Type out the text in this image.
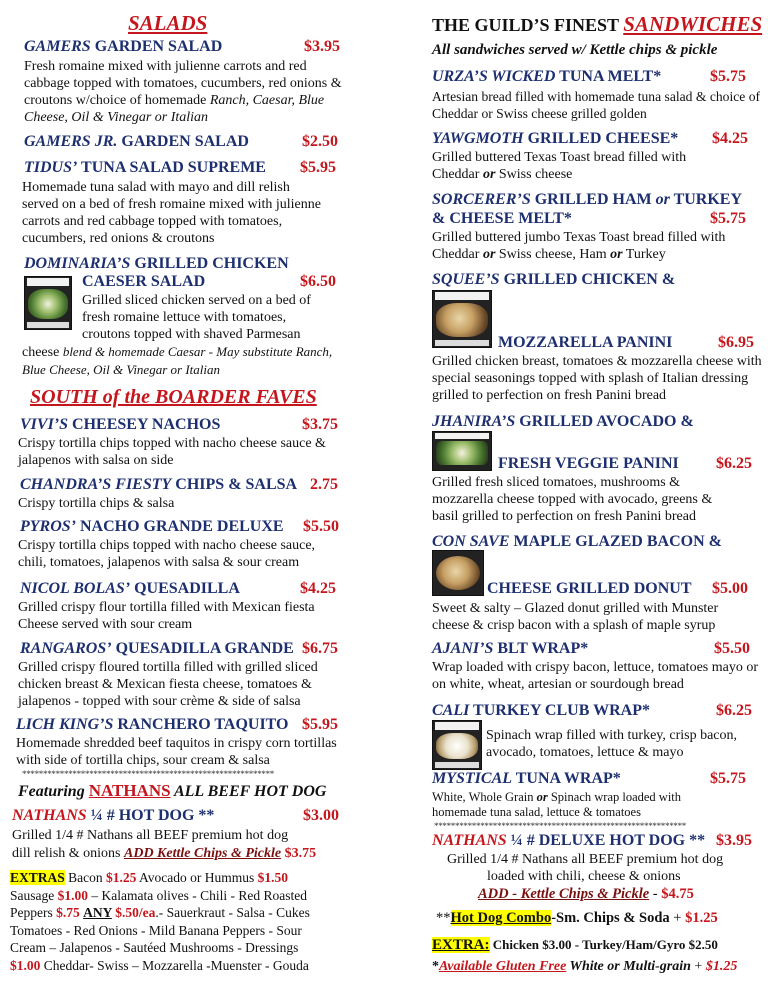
SALADS
GAMERS GARDEN SALAD	$3.95
Fresh romaine mixed with julienne carrots and red cabbage topped with tomatoes, cucumbers, red onions & croutons w/choice of homemade Ranch, Caesar, Blue Cheese, Oil & Vinegar or Italian
GAMERS JR. GARDEN SALAD	$2.50
TIDUS’ TUNA SALAD SUPREME $5.95
Homemade tuna salad with mayo and dill relish served on a bed of fresh romaine mixed with julienne carrots and red cabbage topped with tomatoes, cucumbers, red onions & croutons
DOMINARIA’S GRILLED CHICKEN
CAESER SALAD	$6.50
Grilled sliced chicken served on a bed of fresh romaine lettuce with tomatoes, croutons topped with shaved Parmesan
cheese blend & homemade Caesar - May substitute Ranch, Blue Cheese, Oil & Vinegar or Italian
SOUTH of the BOARDER FAVES
VIVI’S CHEESEY NACHOS	$3.75
Crispy tortilla chips topped with nacho cheese sauce & jalapenos with salsa on side
CHANDRA’S FIESTY CHIPS & SALSA 2.75
Crispy tortilla chips & salsa
PYROS’ NACHO GRANDE DELUXE $5.50
Crispy tortilla chips topped with nacho cheese sauce, chili, tomatoes, jalapenos with salsa & sour cream
NICOL BOLAS’ QUESADILLA	$4.25
Grilled crispy flour tortilla filled with Mexican fiesta Cheese served with sour cream
RANGAROS’ QUESADILLA GRANDE $6.75
Grilled crispy floured tortilla filled with grilled sliced chicken breast & Mexican fiesta cheese, tomatoes & jalapenos - topped with sour crème & side of salsa
LICH KING’S RANCHERO TAQUITO $5.95
Homemade shredded beef taquitos in crispy corn tortillas with side of tortilla chips, sour cream & salsa
************************************************************
Featuring NATHANS ALL BEEF HOT DOG
NATHANS ¼ # HOT DOG **	$3.00
Grilled 1/4 # Nathans all BEEF premium hot dog
dill relish & onions ADD Kettle Chips & Pickle $3.75
EXTRAS Bacon $1.25 Avocado or Hummus $1.50
Sausage $1.00 – Kalamata olives - Chili - Red Roasted
Peppers $.75 ANY $.50/ea.- Sauerkraut - Salsa - Cukes
Tomatoes - Red Onions - Mild Banana Peppers - Sour
Cream – Jalapenos - Sautéed Mushrooms - Dressings
$1.00 Cheddar- Swiss – Mozzarella -Muenster - Gouda
THE GUILD’S FINEST SANDWICHES
All sandwiches served w/ Kettle chips & pickle
URZA’S WICKED TUNA MELT*	$5.75
Artesian bread filled with homemade tuna salad & choice of Cheddar or Swiss cheese grilled golden
YAWGMOTH GRILLED CHEESE* $4.25
Grilled buttered Texas Toast bread filled with Cheddar or Swiss cheese
SORCERER’S GRILLED HAM or TURKEY
& CHEESE MELT*	$5.75
Grilled buttered jumbo Texas Toast bread filled with Cheddar or Swiss cheese, Ham or Turkey
SQUEE’S GRILLED CHICKEN &
MOZZARELLA PANINI	$6.95
Grilled chicken breast, tomatoes & mozzarella cheese with special seasonings topped with splash of Italian dressing grilled to perfection on fresh Panini bread
JHANIRA’S GRILLED AVOCADO &
FRESH VEGGIE PANINI $6.25
Grilled fresh sliced tomatoes, mushrooms & mozzarella cheese topped with avocado, greens & basil grilled to perfection on fresh Panini bread
CON SAVE MAPLE GLAZED BACON &
CHEESE GRILLED DONUT $5.00
Sweet & salty – Glazed donut grilled with Munster cheese & crisp bacon with a splash of maple syrup
AJANI’S BLT WRAP*	$5.50
Wrap loaded with crispy bacon, lettuce, tomatoes mayo or on white, wheat, artesian or sourdough bread
CALI TURKEY CLUB WRAP*	$6.25
Spinach wrap filled with turkey, crisp bacon, avocado, tomatoes, lettuce & mayo
MYSTICAL TUNA WRAP*	$5.75
White, Whole Grain or Spinach wrap loaded with homemade tuna salad, lettuce & tomatoes
************************************************************
NATHANS ¼ # DELUXE HOT DOG ** $3.95
Grilled 1/4 # Nathans all BEEF premium hot dog
loaded with chili, cheese & onions
ADD - Kettle Chips & Pickle - $4.75
**Hot Dog Combo-Sm. Chips & Soda + $1.25
EXTRA: Chicken $3.00 - Turkey/Ham/Gyro $2.50
*Available Gluten Free White or Multi-grain + $1.25
